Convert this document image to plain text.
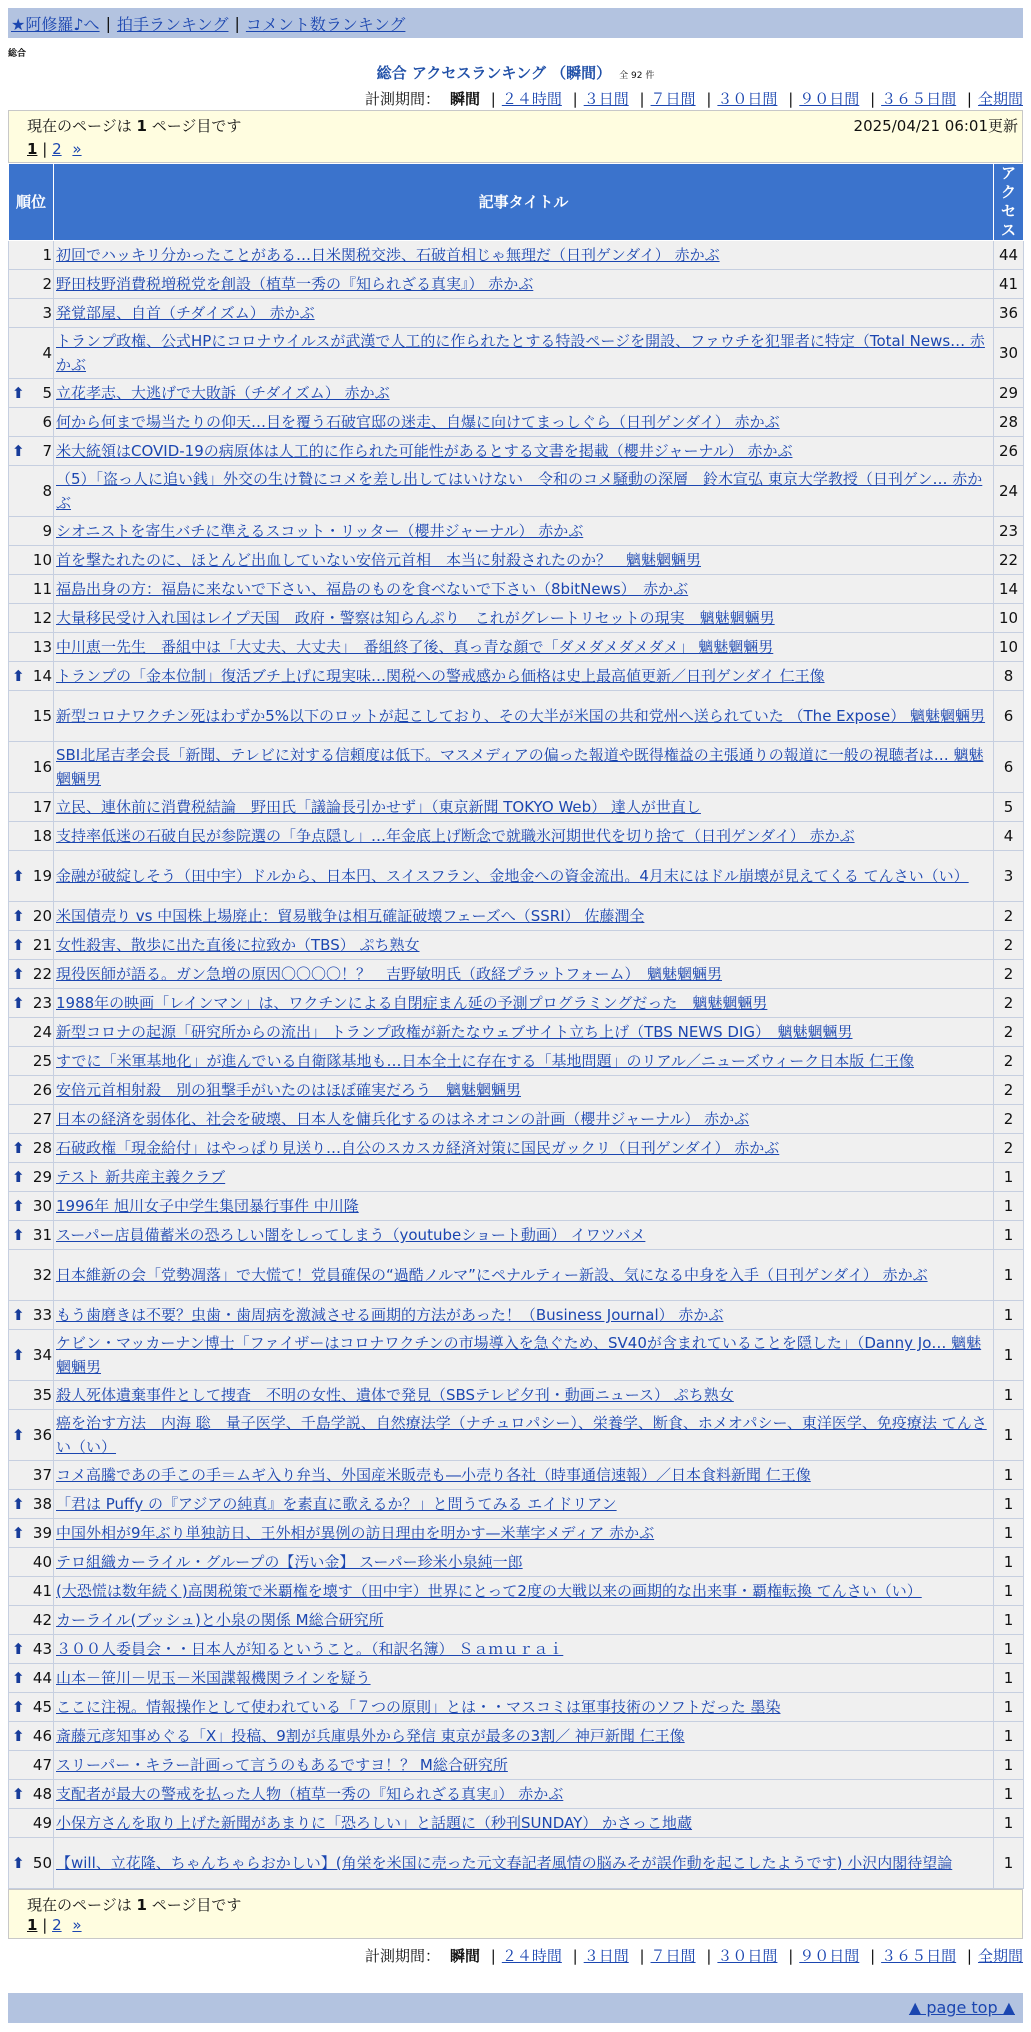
★阿修羅♪へ | 拍手ランキング | コメント数ランキング
総合
総合 アクセスランキング （瞬間） 全 92 件
計測期間： 瞬間 | ２４時間 | ３日間 | ７日間 | ３０日間 | ９０日間 | ３６５日間 | 全期間
現在のページは 1 ページ目です	2025/04/21 06:01更新
1 | 2 »
順位	記事タイトル	アクセス
1	初回でハッキリ分かったことがある…日米関税交渉、石破首相じゃ無理だ（日刊ゲンダイ） 赤かぶ	44
2	野田枝野消費税増税党を創設（植草一秀の『知られざる真実』） 赤かぶ	41
3	発覚部屋、自首（チダイズム） 赤かぶ	36
4	トランプ政権、公式HPにコロナウイルスが武漢で人工的に作られたとする特設ページを開設、ファウチを犯罪者に特定（Total News… 赤かぶ	30

⬆ 5	立花孝志、大逃げで大敗訴（チダイズム） 赤かぶ	29
6	何から何まで場当たりの仰天…目を覆う石破官邸の迷走、自爆に向けてまっしぐら（日刊ゲンダイ） 赤かぶ	28

⬆ 7	米大統領はCOVID-19の病原体は人工的に作られた可能性があるとする文書を掲載（櫻井ジャーナル） 赤かぶ	26
8	（5）「盗っ人に追い銭」外交の生け贄にコメを差し出してはいけない　令和のコメ騒動の深層　鈴木宣弘 東京大学教授（日刊ゲン… 赤かぶ	24
9	シオニストを寄生バチに準えるスコット・リッター（櫻井ジャーナル） 赤かぶ	23
10	首を撃たれたのに、ほとんど出血していない安倍元首相　本当に射殺されたのか？　魑魅魍魎男	22
11	福島出身の方：福島に来ないで下さい、福島のものを食べないで下さい（8bitNews）　赤かぶ	14
12	大量移民受け入れ国はレイプ天国　政府・警察は知らんぷり　これがグレートリセットの現実　魑魅魍魎男	10
13	中川恵一先生　番組中は「大丈夫、大丈夫」　番組終了後、真っ青な顔で「ダメダメダメダメ」 魑魅魍魎男	10

⬆ 14	トランプの「金本位制」復活ブチ上げに現実味…関税への警戒感から価格は史上最高値更新／日刊ゲンダイ 仁王像	8
15	新型コロナワクチン死はわずか5%以下のロットが起こしており、その大半が米国の共和党州へ送られていた （The Expose） 魑魅魍魎男	6
16	SBI北尾吉孝会長「新聞、テレビに対する信頼度は低下。マスメディアの偏った報道や既得権益の主張通りの報道に一般の視聴者は… 魑魅魍魎男	6
17	立民、連休前に消費税結論　野田氏「議論長引かせず」（東京新聞 TOKYO Web） 達人が世直し	5
18	支持率低迷の石破自民が参院選の「争点隠し」…年金底上げ断念で就職氷河期世代を切り捨て（日刊ゲンダイ） 赤かぶ	4

⬆ 19	金融が破綻しそう（田中宇）ドルから、日本円、スイスフラン、金地金への資金流出。4月末にはドル崩壊が見えてくる てんさい（い）	3

⬆ 20	米国債売り vs 中国株上場廃止：貿易戦争は相互確証破壊フェーズへ（SSRI） 佐藤潤全	2

⬆ 21	女性殺害、散歩に出た直後に拉致か（TBS） ぷち熟女	2

⬆ 22	現役医師が語る。ガン急増の原因〇〇〇〇！？　吉野敏明氏（政経プラットフォーム）　魑魅魍魎男	2

⬆ 23	1988年の映画「レインマン」は、ワクチンによる自閉症まん延の予測プログラミングだった　魑魅魍魎男	2
24	新型コロナの起源「研究所からの流出」 トランプ政権が新たなウェブサイト立ち上げ（TBS NEWS DIG）　魑魅魍魎男	2
25	すでに「米軍基地化」が進んでいる自衛隊基地も…日本全土に存在する「基地問題」のリアル／ニューズウィーク日本版 仁王像	2
26	安倍元首相射殺　別の狙撃手がいたのはほぼ確実だろう　魑魅魍魎男	2
27	日本の経済を弱体化、社会を破壊、日本人を傭兵化するのはネオコンの計画（櫻井ジャーナル） 赤かぶ	2

⬆ 28	石破政権「現金給付」はやっぱり見送り…自公のスカスカ経済対策に国民ガックリ（日刊ゲンダイ） 赤かぶ	2

⬆ 29	テスト 新共産主義クラブ	1

⬆ 30	1996年 旭川女子中学生集団暴行事件 中川隆	1

⬆ 31	スーパー店員備蓄米の恐ろしい闇をしってしまう（youtubeショート動画） イワツバメ	1
32	日本維新の会「党勢凋落」で大慌て！党員確保の“過酷ノルマ”にペナルティー新設、気になる中身を入手（日刊ゲンダイ） 赤かぶ	1

⬆ 33	もう歯磨きは不要？虫歯・歯周病を激減させる画期的方法があった！（Business Journal） 赤かぶ	1

⬆ 34	ケビン・マッカーナン博士「ファイザーはコロナワクチンの市場導入を急ぐため、SV40が含まれていることを隠した」（Danny Jo… 魑魅魍魎男	1
35	殺人死体遺棄事件として捜査　不明の女性、遺体で発見（SBSテレビ夕刊・動画ニュース） ぷち熟女	1

⬆ 36	癌を治す方法　内海 聡　量子医学、千島学説、自然療法学（ナチュロパシー）、栄養学、断食、ホメオパシー、東洋医学、免疫療法 てんさい（い）	1
37	コメ高騰であの手この手＝ムギ入り弁当、外国産米販売も―小売り各社（時事通信速報）／日本食料新聞 仁王像	1

⬆ 38	「君は Puffy の『アジアの純真』を素直に歌えるか？」と問うてみる エイドリアン	1

⬆ 39	中国外相が9年ぶり単独訪日、王外相が異例の訪日理由を明かす—米華字メディア 赤かぶ	1
40	テロ組織カーライル・グループの【汚い金】 スーパー珍米小泉純一郎	1
41	(大恐慌は数年続く)高関税策で米覇権を壊す（田中宇）世界にとって2度の大戦以来の画期的な出来事・覇権転換 てんさい（い）	1
42	カーライル(ブッシュ)と小泉の関係 M総合研究所	1

⬆ 43	３００人委員会・・日本人が知るということ。（和訳名簿） Ｓａｍｕｒａｉ	1

⬆ 44	山本－笹川－児玉－米国諜報機関ラインを疑う	1

⬆ 45	ここに注視。情報操作として使われている「７つの原則」とは・・マスコミは軍事技術のソフトだった 墨染	1

⬆ 46	斎藤元彦知事めぐる「X」投稿、9割が兵庫県外から発信 東京が最多の3割／ 神戸新聞 仁王像	1
47	スリーパー・キラー計画って言うのもあるですヨ！？ M総合研究所	1

⬆ 48	支配者が最大の警戒を払った人物（植草一秀の『知られざる真実』） 赤かぶ	1
49	小保方さんを取り上げた新聞があまりに「恐ろしい」と話題に（秒刊SUNDAY） かさっこ地蔵	1

⬆ 50	【will、立花隆、ちゃんちゃらおかしい】(角栄を米国に売った元文春記者風情の脳みそが誤作動を起こしたようです) 小沢内閣待望論	1
現在のページは 1 ページ目です
1 | 2 »
計測期間： 瞬間 | ２４時間 | ３日間 | ７日間 | ３０日間 | ９０日間 | ３６５日間 | 全期間
▲ page top ▲
